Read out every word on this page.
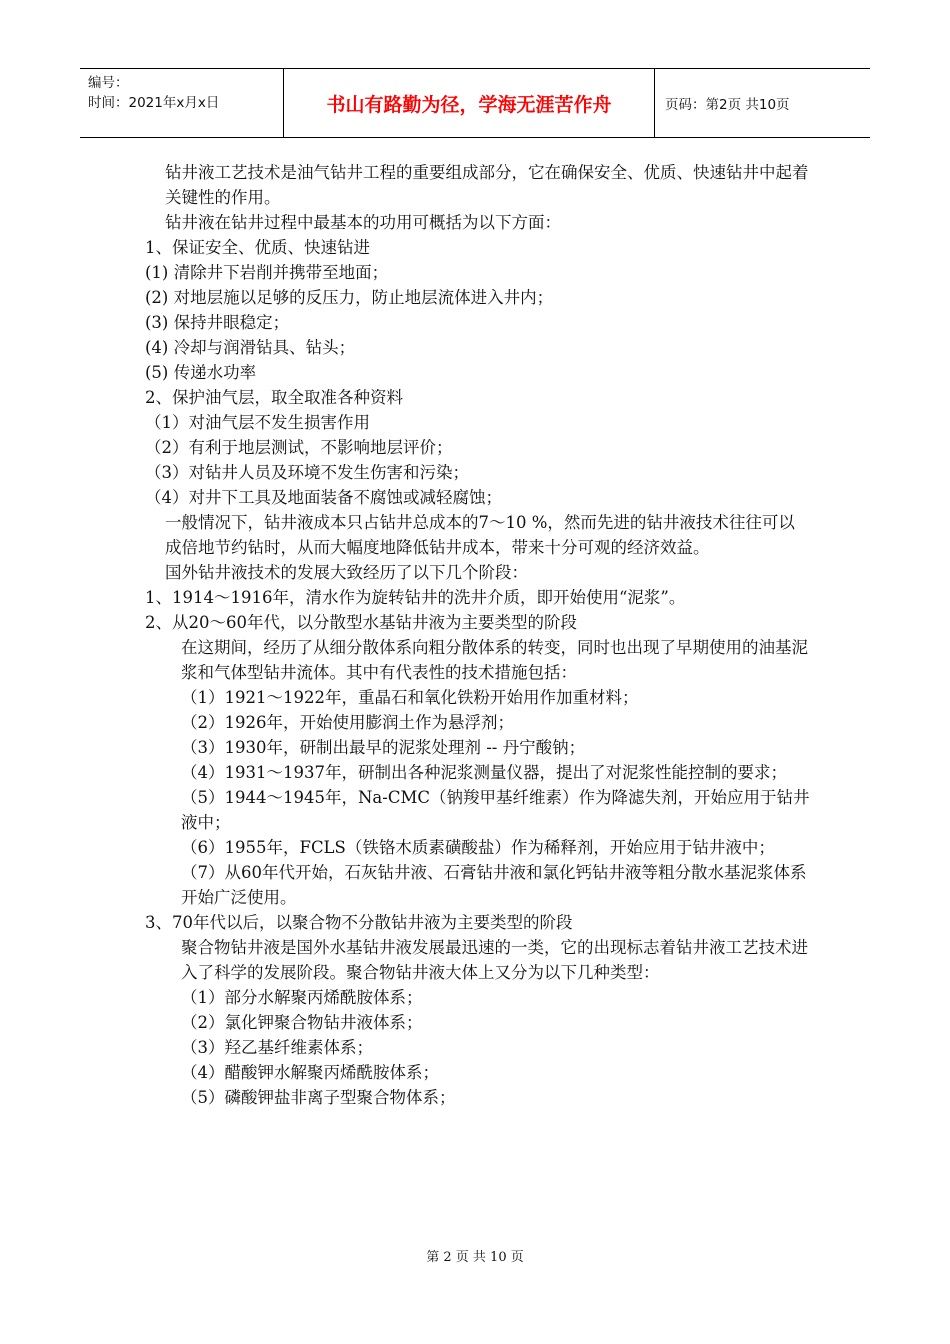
编号：
时间：2021年x月x日	书山有路勤为径，学海无涯苦作舟	页码：第2页 共10页

钻井液工艺技术是油气钻井工程的重要组成部分，它在确保安全、优质、快速钻井中起着关键性的作用。

钻井液在钻井过程中最基本的功用可概括为以下方面：

1、保证安全、优质、快速钻进

(1) 清除井下岩削并携带至地面；

(2) 对地层施以足够的反压力，防止地层流体进入井内；

(3) 保持井眼稳定；

(4) 冷却与润滑钻具、钻头；

(5) 传递水功率

2、保护油气层，取全取准各种资料

（1）对油气层不发生损害作用

（2）有利于地层测试，不影响地层评价；

（3）对钻井人员及环境不发生伤害和污染；

（4）对井下工具及地面装备不腐蚀或减轻腐蚀；

一般情况下，钻井液成本只占钻井总成本的7～10 %，然而先进的钻井液技术往往可以成倍地节约钻时，从而大幅度地降低钻井成本，带来十分可观的经济效益。

国外钻井液技术的发展大致经历了以下几个阶段：

1、1914～1916年，清水作为旋转钻井的洗井介质，即开始使用“泥浆”。

2、从20～60年代，以分散型水基钻井液为主要类型的阶段

在这期间，经历了从细分散体系向粗分散体系的转变，同时也出现了早期使用的油基泥浆和气体型钻井流体。其中有代表性的技术措施包括：

（1）1921～1922年，重晶石和氧化铁粉开始用作加重材料；

（2）1926年，开始使用膨润土作为悬浮剂；

（3）1930年，研制出最早的泥浆处理剂 -- 丹宁酸钠；

（4）1931～1937年，研制出各种泥浆测量仪器，提出了对泥浆性能控制的要求；

（5）1944～1945年，Na-CMC（钠羧甲基纤维素）作为降滤失剂，开始应用于钻井液中；

（6）1955年，FCLS（铁铬木质素磺酸盐）作为稀释剂，开始应用于钻井液中；

（7）从60年代开始，石灰钻井液、石膏钻井液和氯化钙钻井液等粗分散水基泥浆体系开始广泛使用。

3、70年代以后，以聚合物不分散钻井液为主要类型的阶段

聚合物钻井液是国外水基钻井液发展最迅速的一类，它的出现标志着钻井液工艺技术进入了科学的发展阶段。聚合物钻井液大体上又分为以下几种类型：

（1）部分水解聚丙烯酰胺体系；

（2）氯化钾聚合物钻井液体系；

（3）羟乙基纤维素体系；

（4）醋酸钾水解聚丙烯酰胺体系；

（5）磷酸钾盐非离子型聚合物体系；

第 2 页 共 10 页
